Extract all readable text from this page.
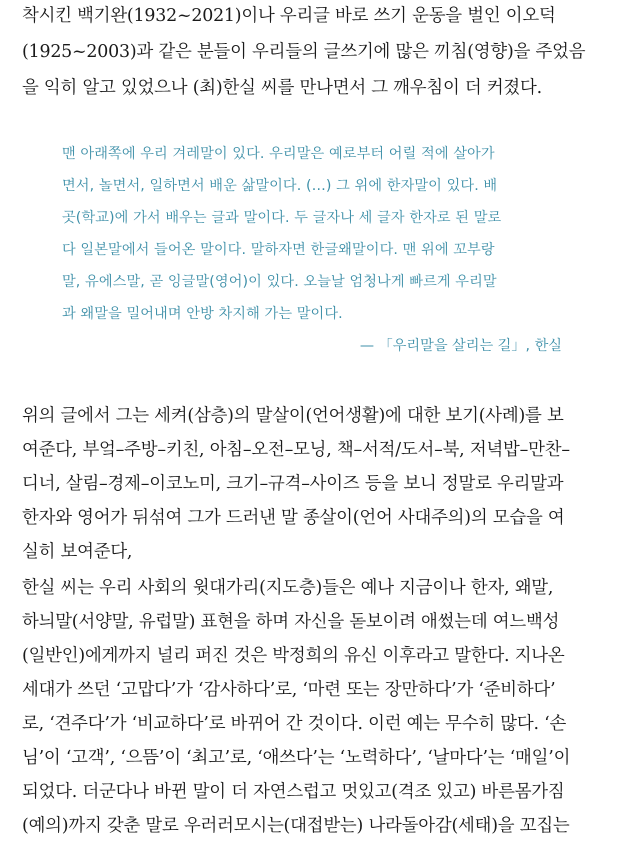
착시킨 백기완(1932~2021)이나 우리글 바로 쓰기 운동을 벌인 이오덕
(1925~2003)과 같은 분들이 우리들의 글쓰기에 많은 끼침(영향)을 주었음
을 익히 알고 있었으나 (최)한실 씨를 만나면서 그 깨우침이 더 커졌다.
맨 아래쪽에 우리 겨레말이 있다. 우리말은 예로부터 어릴 적에 살아가
면서, 놀면서, 일하면서 배운 삶말이다. (…) 그 위에 한자말이 있다. 배
곳(학교)에 가서 배우는 글과 말이다. 두 글자나 세 글자 한자로 된 말로
다 일본말에서 들어온 말이다. 말하자면 한글왜말이다. 맨 위에 꼬부랑
말, 유에스말, 곧 잉글말(영어)이 있다. 오늘날 엄청나게 빠르게 우리말
과 왜말을 밀어내며 안방 차지해 가는 말이다.
— 「우리말을 살리는 길」, 한실
위의 글에서 그는 세켜(삼층)의 말살이(언어생활)에 대한 보기(사례)를 보
여준다, 부엌–주방–키친, 아침–오전–모닝, 책–서적/도서–북, 저녁밥–만찬–
디너, 살림–경제–이코노미, 크기–규격–사이즈 등을 보니 정말로 우리말과
한자와 영어가 뒤섞여 그가 드러낸 말 종살이(언어 사대주의)의 모습을 여
실히 보여준다,
한실 씨는 우리 사회의 윗대가리(지도층)들은 예나 지금이나 한자, 왜말,
하늬말(서양말, 유럽말) 표현을 하며 자신을 돋보이려 애썼는데 여느백성
(일반인)에게까지 널리 퍼진 것은 박정희의 유신 이후라고 말한다. 지나온
세대가 쓰던 ‘고맙다’가 ‘감사하다’로, ‘마련 또는 장만하다’가 ‘준비하다’
로, ‘견주다’가 ‘비교하다’로 바뀌어 간 것이다. 이런 예는 무수히 많다. ‘손
님’이 ‘고객’, ‘으뜸’이 ‘최고’로, ‘애쓰다’는 ‘노력하다’, ‘날마다’는 ‘매일’이
되었다. 더군다나 바뀐 말이 더 자연스럽고 멋있고(격조 있고) 바른몸가짐
(예의)까지 갖춘 말로 우러러모시는(대접받는) 나라돌아감(세태)을 꼬집는
